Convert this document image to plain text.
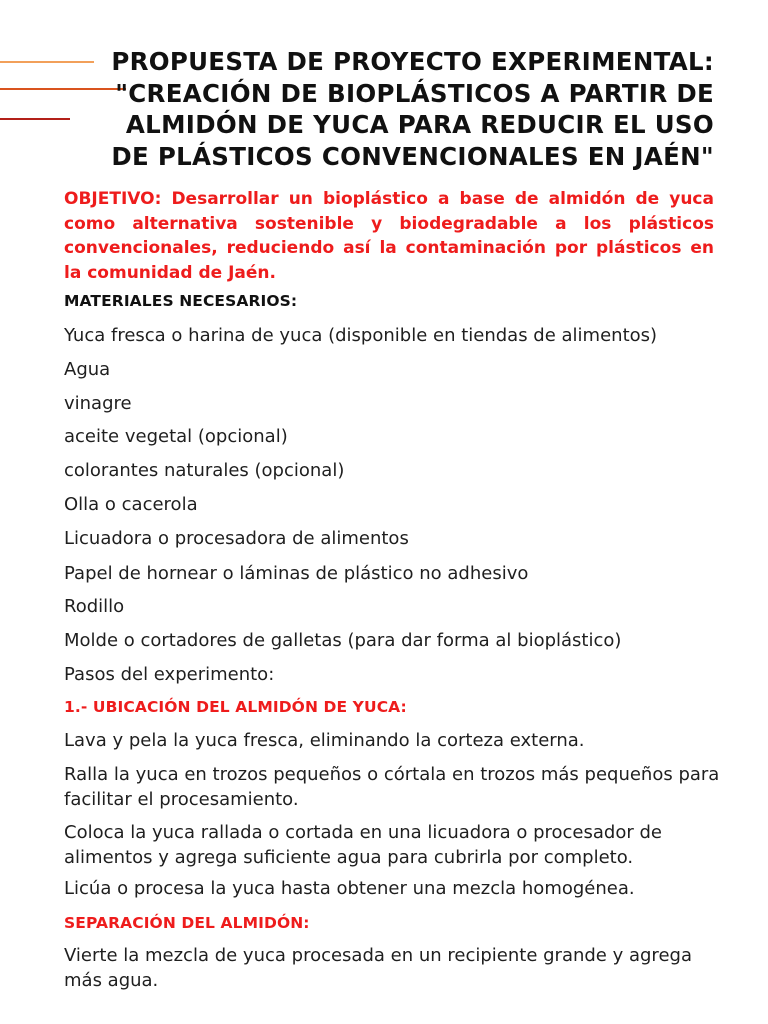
PROPUESTA DE PROYECTO EXPERIMENTAL: "CREACIÓN DE BIOPLÁSTICOS A PARTIR DE ALMIDÓN DE YUCA PARA REDUCIR EL USO DE PLÁSTICOS CONVENCIONALES EN JAÉN"

OBJETIVO: Desarrollar un bioplástico a base de almidón de yuca como alternativa sostenible y biodegradable a los plásticos convencionales, reduciendo así la contaminación por plásticos en la comunidad de Jaén.

MATERIALES NECESARIOS:

Yuca fresca o harina de yuca (disponible en tiendas de alimentos)

Agua

vinagre

aceite vegetal (opcional)

colorantes naturales (opcional)

Olla o cacerola

Licuadora o procesadora de alimentos

Papel de hornear o láminas de plástico no adhesivo

Rodillo

Molde o cortadores de galletas (para dar forma al bioplástico)

Pasos del experimento:

1.- UBICACIÓN DEL ALMIDÓN DE YUCA:

Lava y pela la yuca fresca, eliminando la corteza externa.

Ralla la yuca en trozos pequeños o córtala en trozos más pequeños para facilitar el procesamiento.

Coloca la yuca rallada o cortada en una licuadora o procesador de alimentos y agrega suficiente agua para cubrirla por completo.

Licúa o procesa la yuca hasta obtener una mezcla homogénea.

SEPARACIÓN DEL ALMIDÓN:

Vierte la mezcla de yuca procesada en un recipiente grande y agrega más agua.
